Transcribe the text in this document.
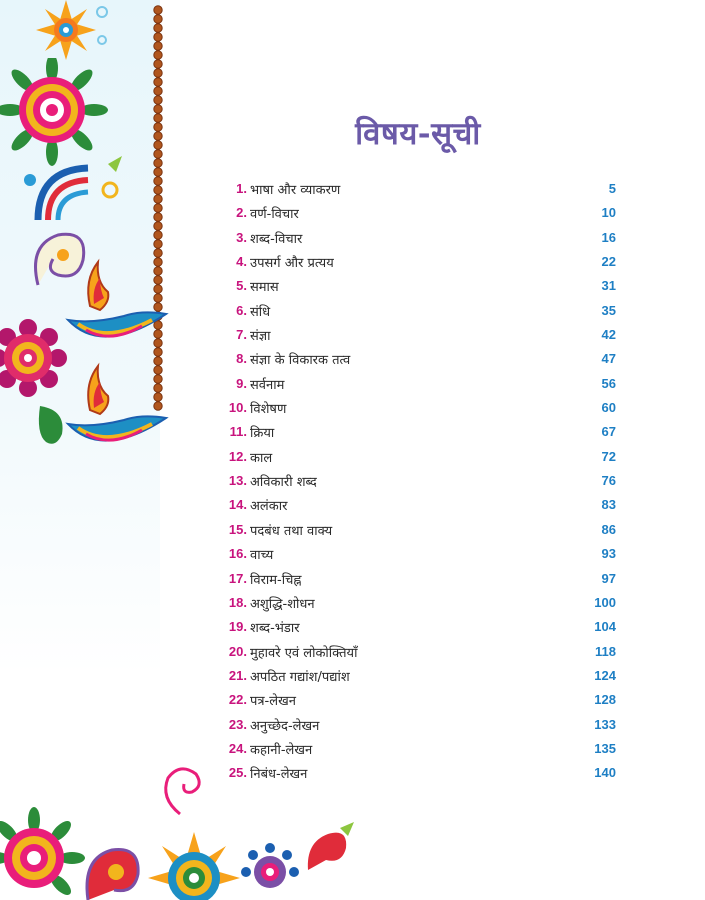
विषय-सूची
1. भाषा और व्याकरण	5
2. वर्ण-विचार	10
3. शब्द-विचार	16
4. उपसर्ग और प्रत्यय	22
5. समास	31
6. संधि	35
7. संज्ञा	42
8. संज्ञा के विकारक तत्व	47
9. सर्वनाम	56
10. विशेषण	60
11. क्रिया	67
12. काल	72
13. अविकारी शब्द	76
14. अलंकार	83
15. पदबंध तथा वाक्य	86
16. वाच्य	93
17. विराम-चिह्न	97
18. अशुद्धि-शोधन	100
19. शब्द-भंडार	104
20. मुहावरे एवं लोकोक्तियाँ	118
21. अपठित गद्यांश/पद्यांश	124
22. पत्र-लेखन	128
23. अनुच्छेद-लेखन	133
24. कहानी-लेखन	135
25. निबंध-लेखन	140
